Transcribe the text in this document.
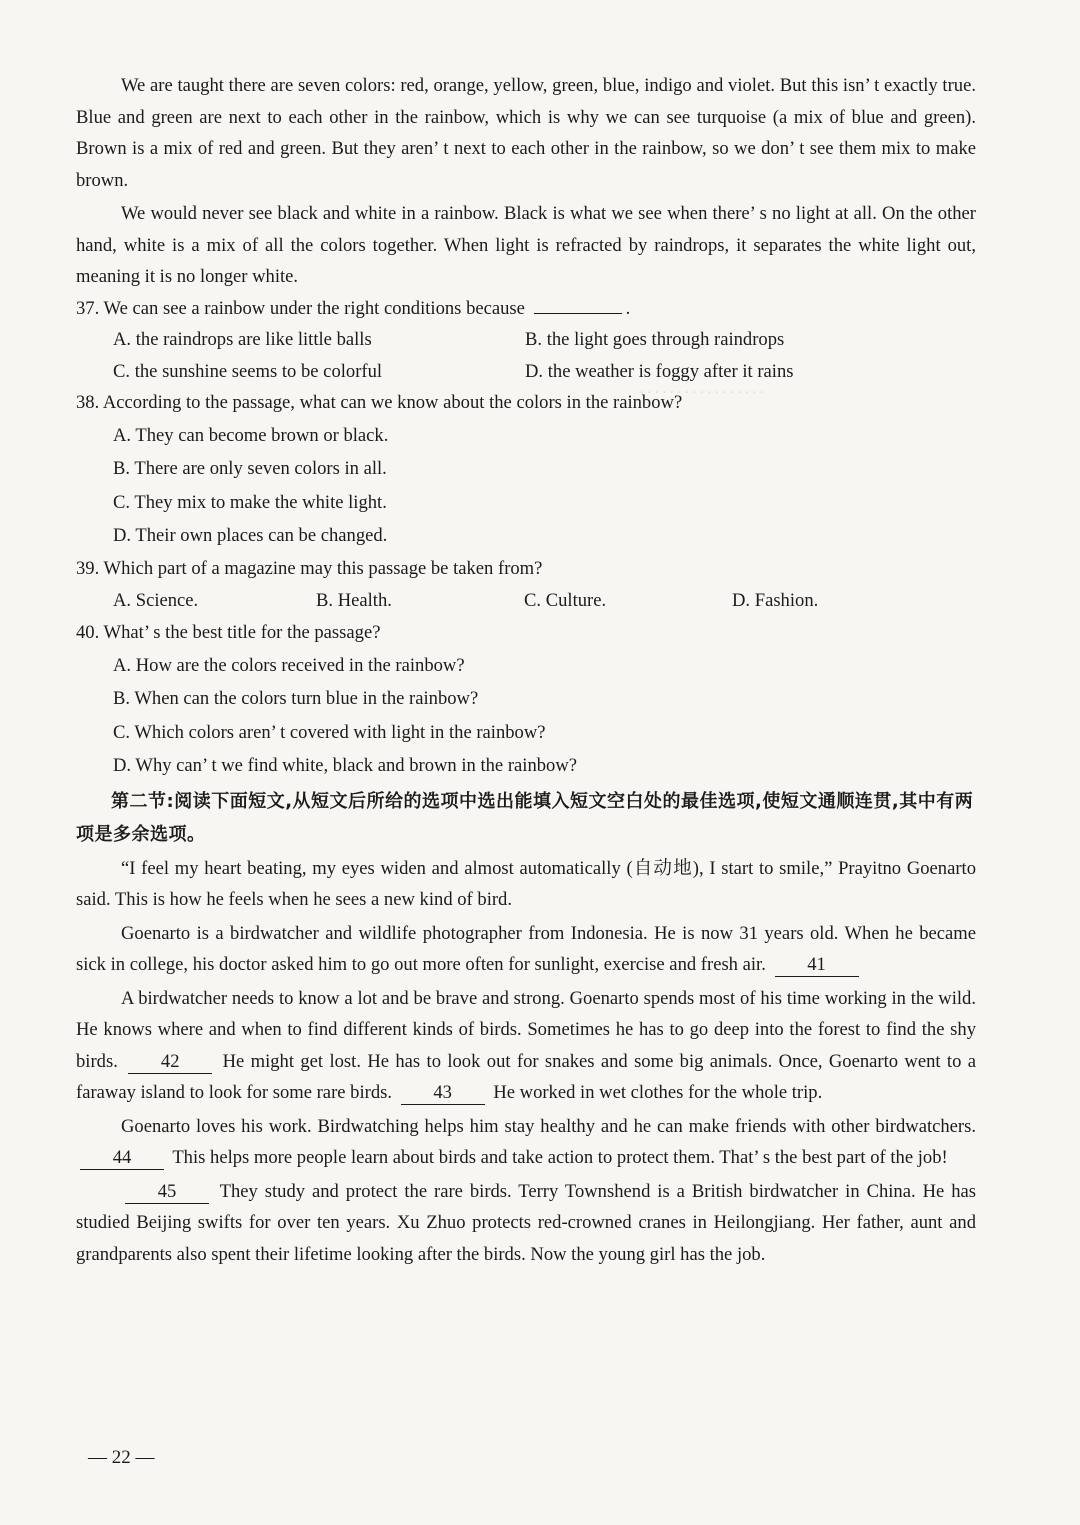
. . . . . . . . . . . . . . . . .

We are taught there are seven colors: red, orange, yellow, green, blue, indigo and violet. But this isn’ t exactly true. Blue and green are next to each other in the rainbow, which is why we can see turquoise (a mix of blue and green). Brown is a mix of red and green. But they aren’ t next to each other in the rainbow, so we don’ t see them mix to make brown.

We would never see black and white in a rainbow. Black is what we see when there’ s no light at all. On the other hand, white is a mix of all the colors together. When light is refracted by raindrops, it separates the white light out, meaning it is no longer white.

37. We can see a rainbow under the right conditions because	.

A. the raindrops are like little balls	B. the light goes through raindrops
C. the sunshine seems to be colorful	D. the weather is foggy after it rains

38. According to the passage, what can we know about the colors in the rainbow?

A. They can become brown or black.
B. There are only seven colors in all.
C. They mix to make the white light.
D. Their own places can be changed.

39. Which part of a magazine may this passage be taken from?

A. Science.	B. Health.	C. Culture.	D. Fashion.

40. What’ s the best title for the passage?

A. How are the colors received in the rainbow?
B. When can the colors turn blue in the rainbow?
C. Which colors aren’ t covered with light in the rainbow?
D. Why can’ t we find white, black and brown in the rainbow?

第二节:阅读下面短文,从短文后所给的选项中选出能填入短文空白处的最佳选项,使短文通顺连贯,其中有两项是多余选项。

“I feel my heart beating, my eyes widen and almost automatically (自动地), I start to smile,” Prayitno Goenarto said. This is how he feels when he sees a new kind of bird.

Goenarto is a birdwatcher and wildlife photographer from Indonesia. He is now 31 years old. When he became sick in college, his doctor asked him to go out more often for sunlight, exercise and fresh air. 41

A birdwatcher needs to know a lot and be brave and strong. Goenarto spends most of his time working in the wild. He knows where and when to find different kinds of birds. Sometimes he has to go deep into the forest to find the shy birds. 42 He might get lost. He has to look out for snakes and some big animals. Once, Goenarto went to a faraway island to look for some rare birds. 43 He worked in wet clothes for the whole trip.

Goenarto loves his work. Birdwatching helps him stay healthy and he can make friends with other birdwatchers. 44 This helps more people learn about birds and take action to protect them. That’ s the best part of the job!

45 They study and protect the rare birds. Terry Townshend is a British birdwatcher in China. He has studied Beijing swifts for over ten years. Xu Zhuo protects red-crowned cranes in Heilongjiang. Her father, aunt and grandparents also spent their lifetime looking after the birds. Now the young girl has the job.

— 22 —
